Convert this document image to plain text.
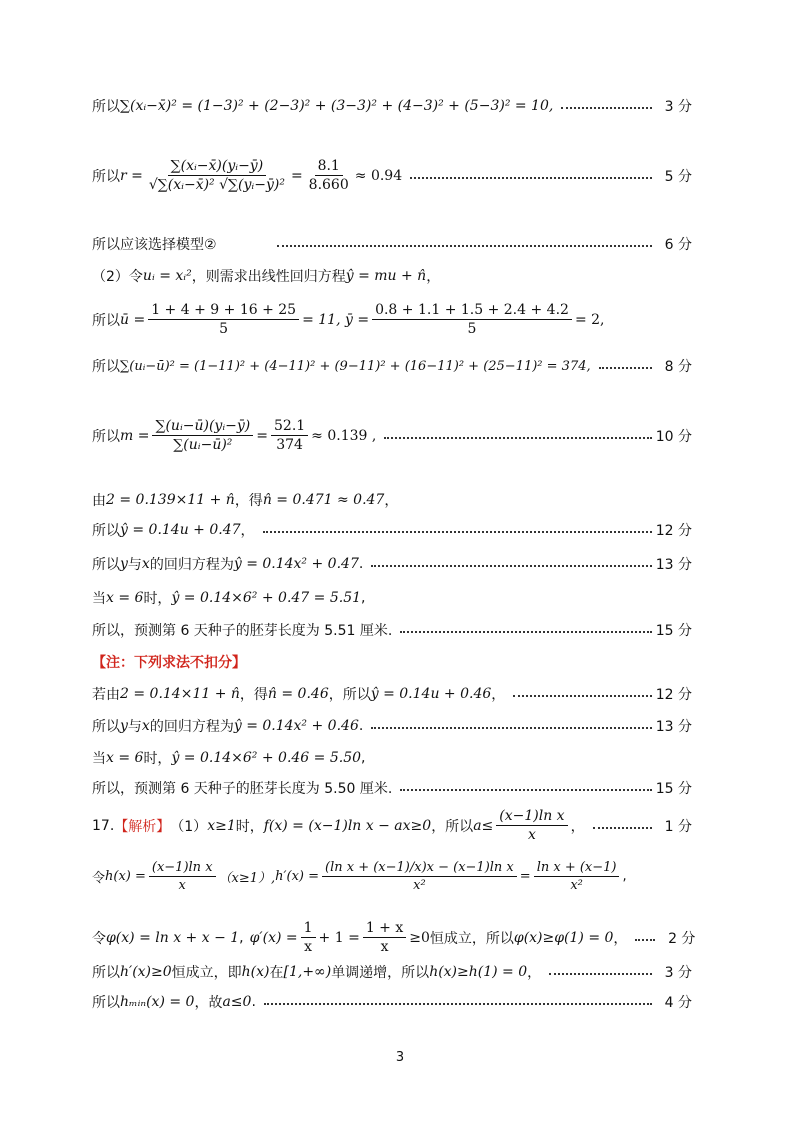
所以 ∑(xᵢ−x̄)² = (1−3)² + (2−3)² + (3−3)² + (4−3)² + (5−3)² = 10,	3 分
所以 $r = \frac{\text{∑(xᵢ−x̄)(yᵢ−ȳ)}}{\text{√∑(xᵢ−x̄)² √∑(yᵢ−ȳ)²}} = \frac{8.1}{8.660} \approx 0.94$	5 分
所以应该选择模型②	6 分
（2）令 uᵢ = xᵢ² ，则需求出线性回归方程 ŷ = mu + n̂ ，
所以 ū = $\frac{1 + 4 + 9 + 16 + 25}{5} = 11$, ȳ = $\frac{0.8 + 1.1 + 1.5 + 2.4 + 4.2}{5} = 2$,
所以 ∑(uᵢ−ū)² = (1−11)² + (4−11)² + (9−11)² + (16−11)² + (25−11)² = 374,	8 分
所以 $m = \frac{\text{∑(uᵢ−ū)(yᵢ−ȳ)}}{\text{∑(uᵢ−ū)²}} = \frac{52.1}{374} \approx 0.139$ ,	10 分
由 2 = 0.139×11 + n̂ ，得 n̂ = 0.471 ≈ 0.47 ，
所以 ŷ = 0.14u + 0.47 ，	12 分
所以 y 与 x 的回归方程为 ŷ = 0.14x² + 0.47 .	13 分
当 x = 6 时， ŷ = 0.14×6² + 0.47 = 5.51 ,
所以，预测第 6 天种子的胚芽长度为 5.51 厘米.	15 分
【注：下列求法不扣分】
若由 2 = 0.14×11 + n̂ ，得 n̂ = 0.46 ，所以 ŷ = 0.14u + 0.46 ，	12 分
所以 y 与 x 的回归方程为 ŷ = 0.14x² + 0.46 .	13 分
当 x = 6 时， ŷ = 0.14×6² + 0.46 = 5.50 ,
所以，预测第 6 天种子的胚芽长度为 5.50 厘米.	15 分
17. 【解析】 （1） x≥1 时， f(x) = (x−1)ln x − ax≥0 ，所以 $a\le \frac{\text{(x−1)ln x}}{x}$ ，	1 分
令 $h(x) = \frac{\text{(x−1)ln x}}{x} (x\ge 1)$, $h'(x) = \frac{\text{(ln x + (x−1)/x)x − (x−1)ln x}}{\text{x²}} = \frac{\text{ln x + (x−1)}}{\text{x²}}$ ,
令 φ(x) = ln x + x − 1 , $\varphi'(x) = \frac{1}{x} + 1 = \frac{1 + x}{x} \ge 0$ 恒成立，所以 φ(x)≥φ(1) = 0 ，	2 分
所以 h′(x)≥0 恒成立，即 h(x) 在 [1,+∞) 单调递增，所以 h(x)≥h(1) = 0 ，	3 分
所以 hₘᵢₙ(x) = 0 ，故 a≤0 .	4 分
3
